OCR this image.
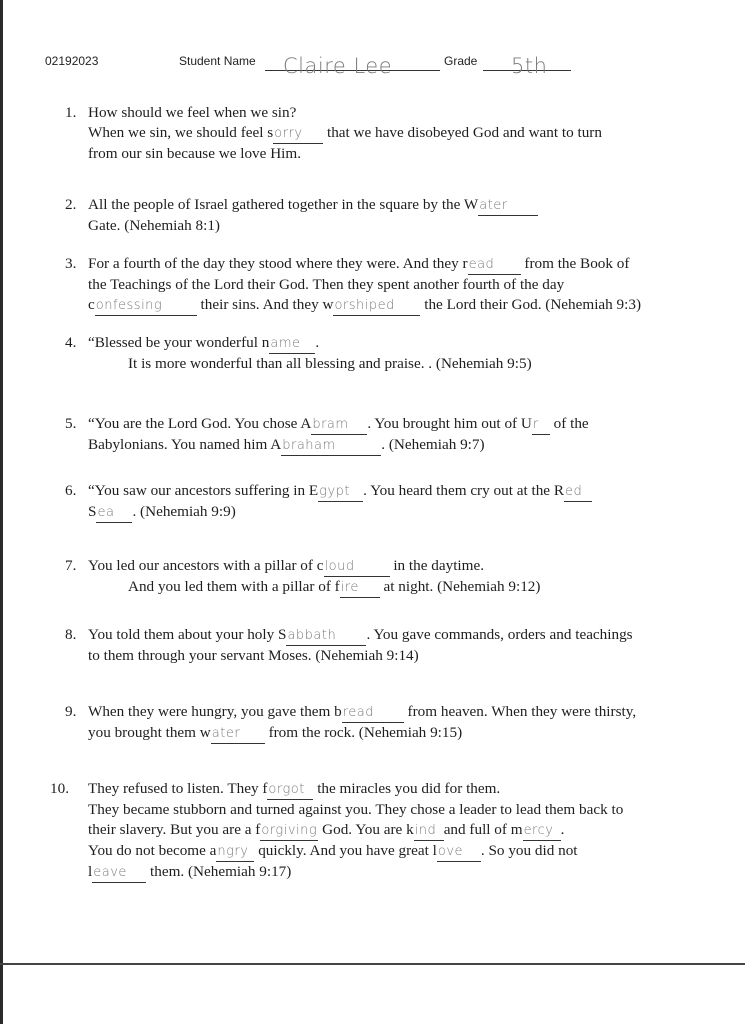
02192023	Student Name Claire Lee	Grade 5th
1. How should we feel when we sin?
When we sin, we should feel sorry that we have disobeyed God and want to turn
from our sin because we love Him.
2. All the people of Israel gathered together in the square by the Water
Gate. (Nehemiah 8:1)
3. For a fourth of the day they stood where they were. And they read from the Book of
the Teachings of the Lord their God. Then they spent another fourth of the day
confessing their sins. And they worshiped the Lord their God. (Nehemiah 9:3)
4. “Blessed be your wonderful name .
It is more wonderful than all blessing and praise. . (Nehemiah 9:5)
5. “You are the Lord God. You chose Abram . You brought him out of Ur of the
Babylonians. You named him Abraham	. (Nehemiah 9:7)
6. “You saw our ancestors suffering in Egypt . You heard them cry out at the Red
Sea . (Nehemiah 9:9)
7. You led our ancestors with a pillar of cloud in the daytime.
And you led them with a pillar of fire at night. (Nehemiah 9:12)
8. You told them about your holy Sabbath . You gave commands, orders and teachings
to them through your servant Moses. (Nehemiah 9:14)
9. When they were hungry, you gave them bread from heaven. When they were thirsty,
you brought them water from the rock. (Nehemiah 9:15)
10. They refused to listen. They forgot the miracles you did for them.
They became stubborn and turned against you. They chose a leader to lead them back to
their slavery. But you are a forgiving God. You are kind and full of mercy .
You do not become angry quickly. And you have great love . So you did not
leave them. (Nehemiah 9:17)
